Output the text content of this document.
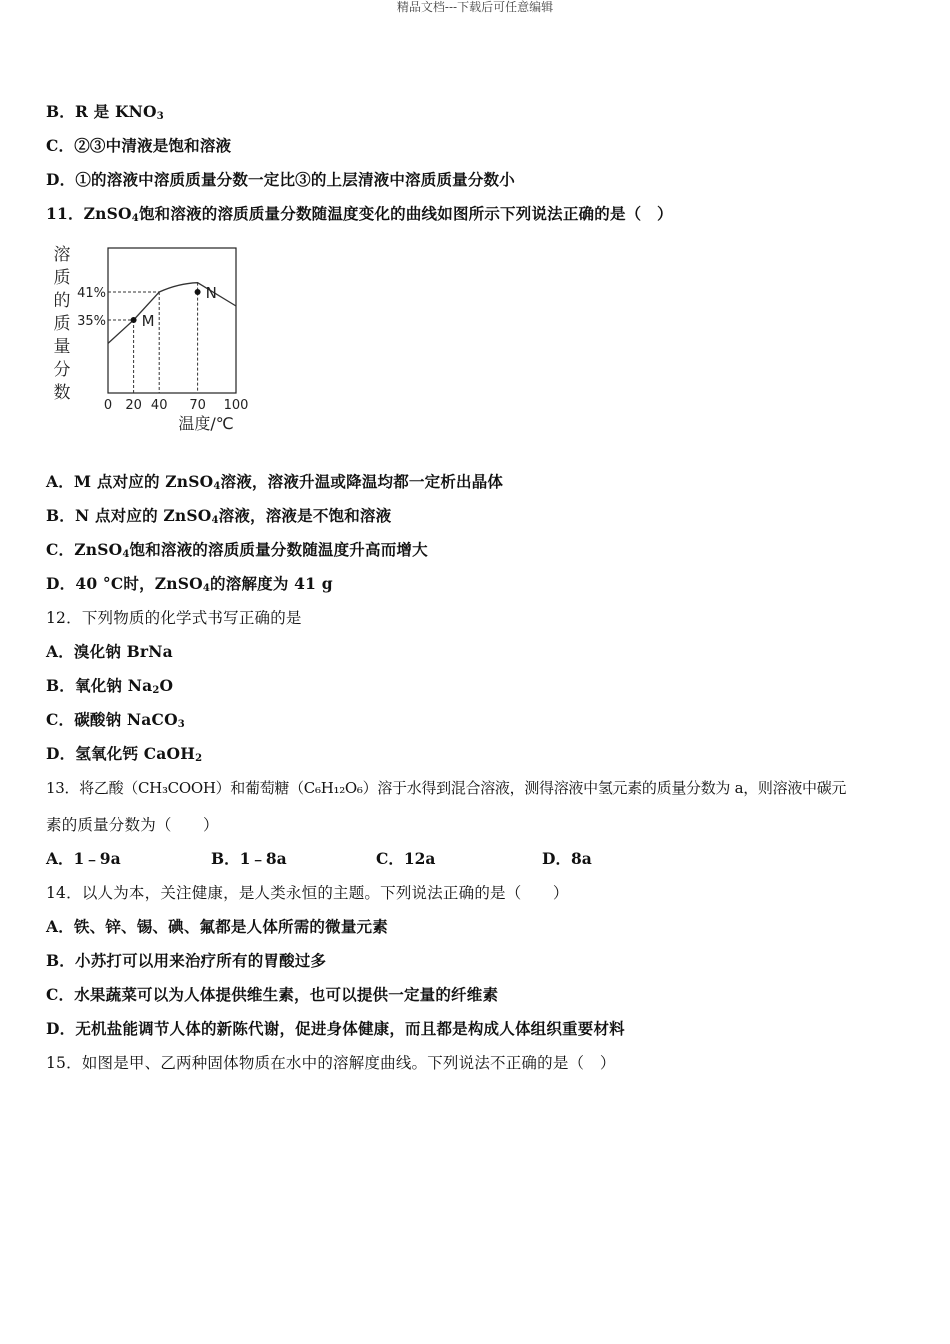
精品文档---下载后可任意编辑
B．R 是 $KNO_3$
C．②③中清液是饱和溶液
D．①的溶液中溶质质量分数一定比③的上层清液中溶质质量分数小
11．ZnSO$_4$饱和溶液的溶质质量分数随温度变化的曲线如图所示下列说法正确的是（　）
溶
质
的
质
量
分
数
0 20 40 70 100
41%
35% M
N
温度/℃
A．M 点对应的 ZnSO$_4$溶液，溶液升温或降温均都一定析出晶体
B．N 点对应的 ZnSO$_4$溶液，溶液是不饱和溶液
C．ZnSO$_4$饱和溶液的溶质质量分数随温度升高而增大
D．40 °C时，ZnSO$_4$的溶解度为 41 g
12．下列物质的化学式书写正确的是
A．溴化钠 BrNa
B．氧化钠 $Na_2O$
C．碳酸钠 NaCO$_3$
D．氢氧化钙 CaOH$_2$
13．将乙酸（CH₃COOH）和葡萄糖（C₆H₁₂O₆）溶于水得到混合溶液，测得溶液中氢元素的质量分数为 a，则溶液中碳元
素的质量分数为（　　）
A．1﹣9a	B．1﹣8a	C．12a	D．8a
14．以人为本，关注健康，是人类永恒的主题。下列说法正确的是（　　）
A．铁、锌、锡、碘、氟都是人体所需的微量元素
B．小苏打可以用来治疗所有的胃酸过多
C．水果蔬菜可以为人体提供维生素，也可以提供一定量的纤维素
D．无机盐能调节人体的新陈代谢，促进身体健康，而且都是构成人体组织重要材料
15．如图是甲、乙两种固体物质在水中的溶解度曲线。下列说法不正确的是（　）
